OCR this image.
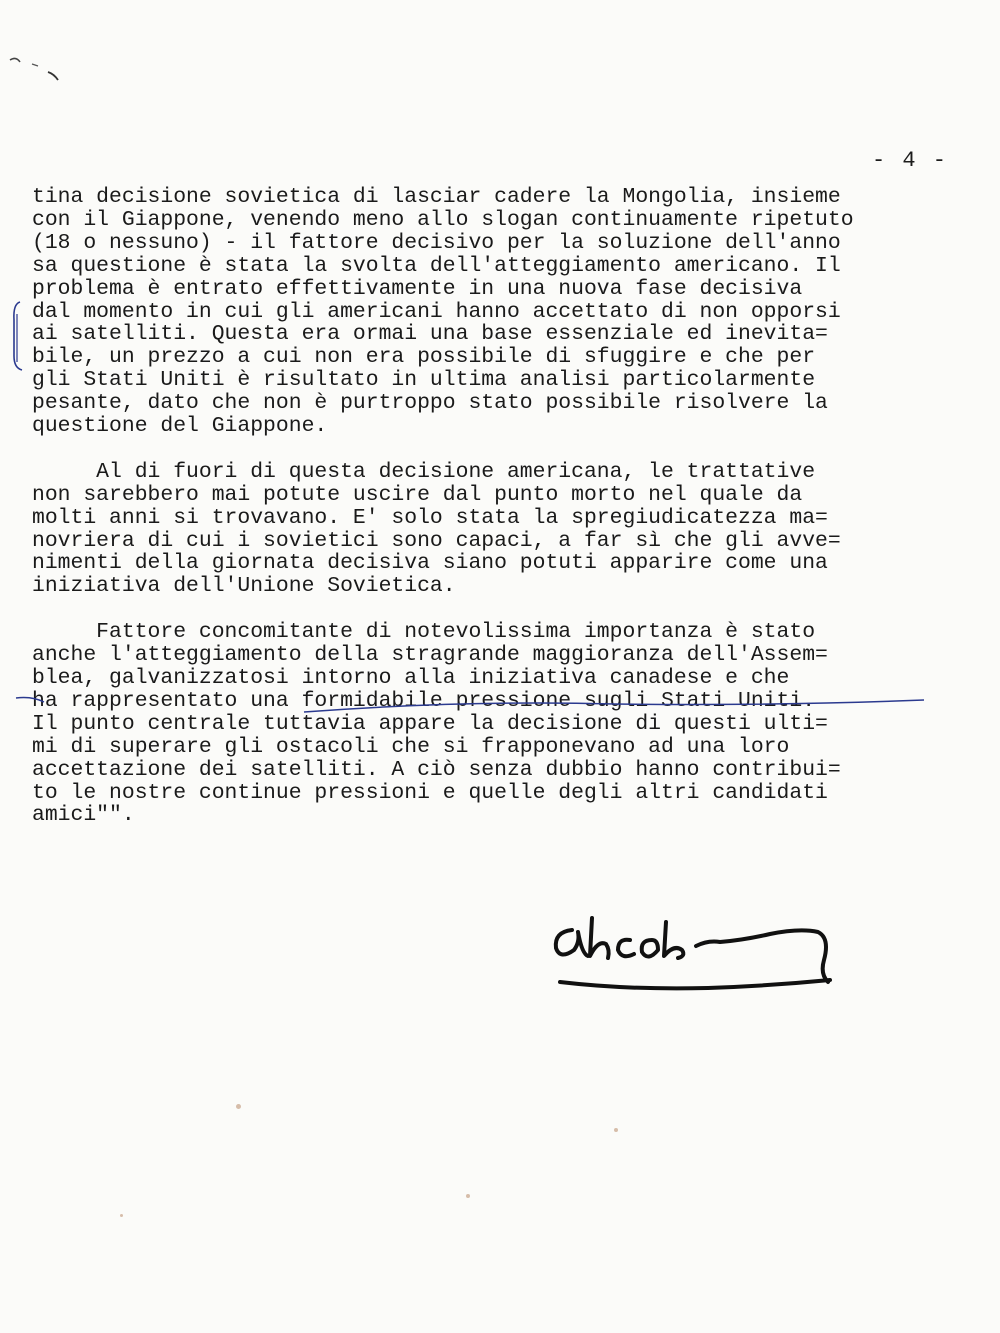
- 4 -
tina decisione sovietica di lasciar cadere la Mongolia, insieme
con il Giappone, venendo meno allo slogan continuamente ripetuto
(18 o nessuno) - il fattore decisivo per la soluzione dell'anno
sa questione è stata la svolta dell'atteggiamento americano. Il
problema è entrato effettivamente in una nuova fase decisiva
dal momento in cui gli americani hanno accettato di non opporsi
ai satelliti. Questa era ormai una base essenziale ed inevita=
bile, un prezzo a cui non era possibile di sfuggire e che per
gli Stati Uniti è risultato in ultima analisi particolarmente
pesante, dato che non è purtroppo stato possibile risolvere la
questione del Giappone.
Al di fuori di questa decisione americana, le trattative
non sarebbero mai potute uscire dal punto morto nel quale da
molti anni si trovavano. E' solo stata la spregiudicatezza ma=
novriera di cui i sovietici sono capaci, a far sì che gli avve=
nimenti della giornata decisiva siano potuti apparire come una
iniziativa dell'Unione Sovietica.
Fattore concomitante di notevolissima importanza è stato
anche l'atteggiamento della stragrande maggioranza dell'Assem=
blea, galvanizzatosi intorno alla iniziativa canadese e che
ha rappresentato una formidabile pressione sugli Stati Uniti.
Il punto centrale tuttavia appare la decisione di questi ulti=
mi di superare gli ostacoli che si frapponevano ad una loro
accettazione dei satelliti. A ciò senza dubbio hanno contribui=
to le nostre continue pressioni e quelle degli altri candidati
amici"".
